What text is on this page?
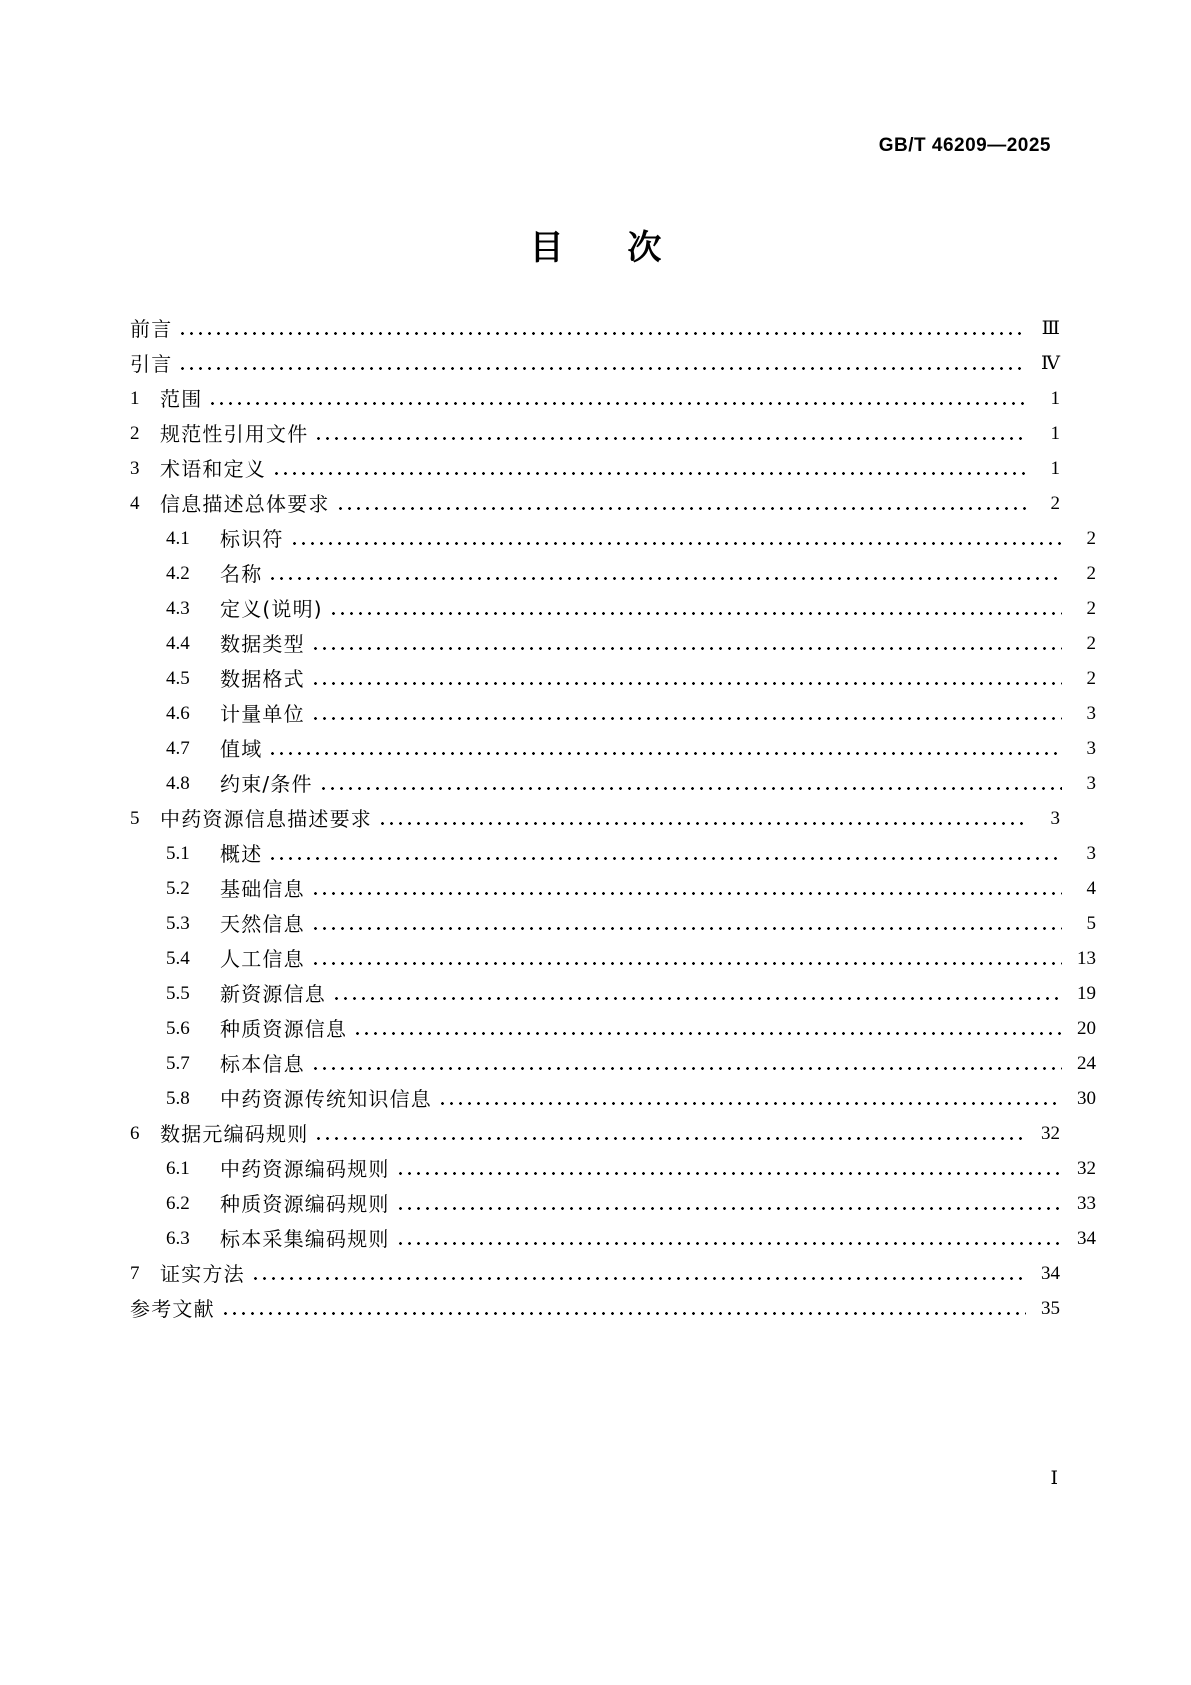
GB/T 46209—2025
目 次
前言	Ⅲ
引言	Ⅳ
1	范围	1
2	规范性引用文件	1
3	术语和定义	1
4	信息描述总体要求	2
4.1	标识符	2
4.2	名称	2
4.3	定义(说明)	2
4.4	数据类型	2
4.5	数据格式	2
4.6	计量单位	3
4.7	值域	3
4.8	约束/条件	3
5	中药资源信息描述要求	3
5.1	概述	3
5.2	基础信息	4
5.3	天然信息	5
5.4	人工信息	13
5.5	新资源信息	19
5.6	种质资源信息	20
5.7	标本信息	24
5.8	中药资源传统知识信息	30
6	数据元编码规则	32
6.1	中药资源编码规则	32
6.2	种质资源编码规则	33
6.3	标本采集编码规则	34
7	证实方法	34
参考文献	35
Ⅰ
